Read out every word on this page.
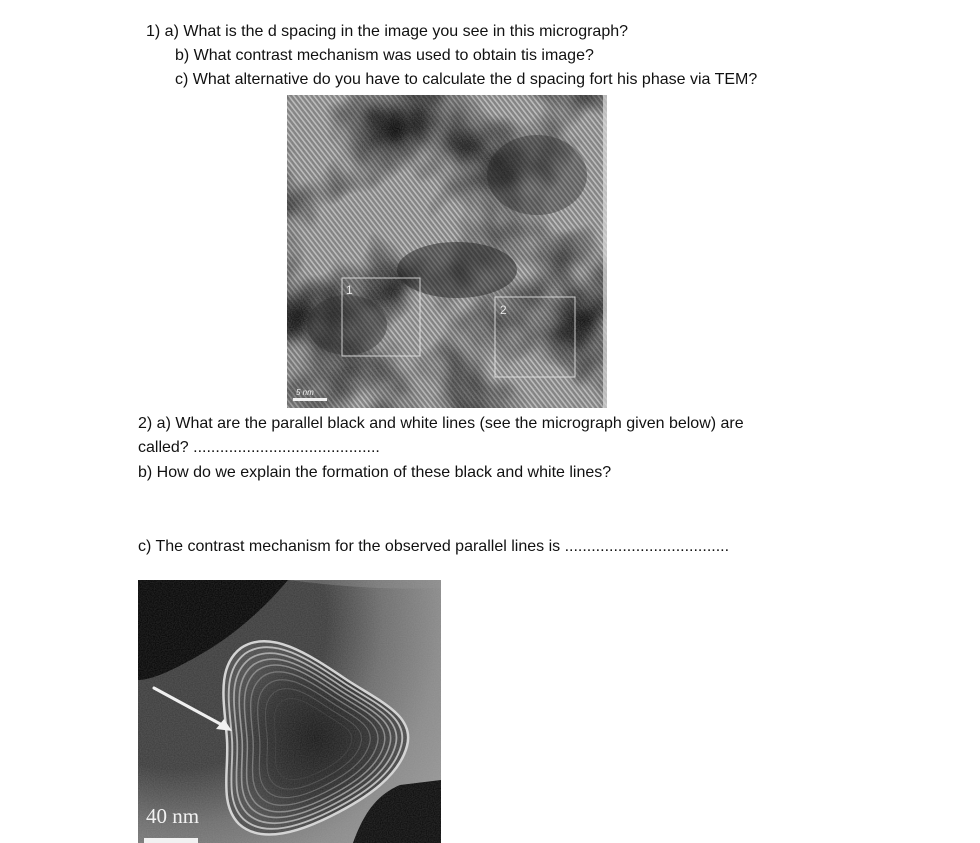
1) a) What is the d spacing in the image you see in this micrograph?
b) What contrast mechanism was used to obtain tis image?
c) What alternative do you have to calculate the d spacing fort his phase via TEM?
1
2
5 nm
2) a) What are the parallel black and white lines (see the micrograph given below) are
called? ..........................................
b) How do we explain the formation of these black and white lines?
c) The contrast mechanism for the observed parallel lines is .....................................
40 nm
